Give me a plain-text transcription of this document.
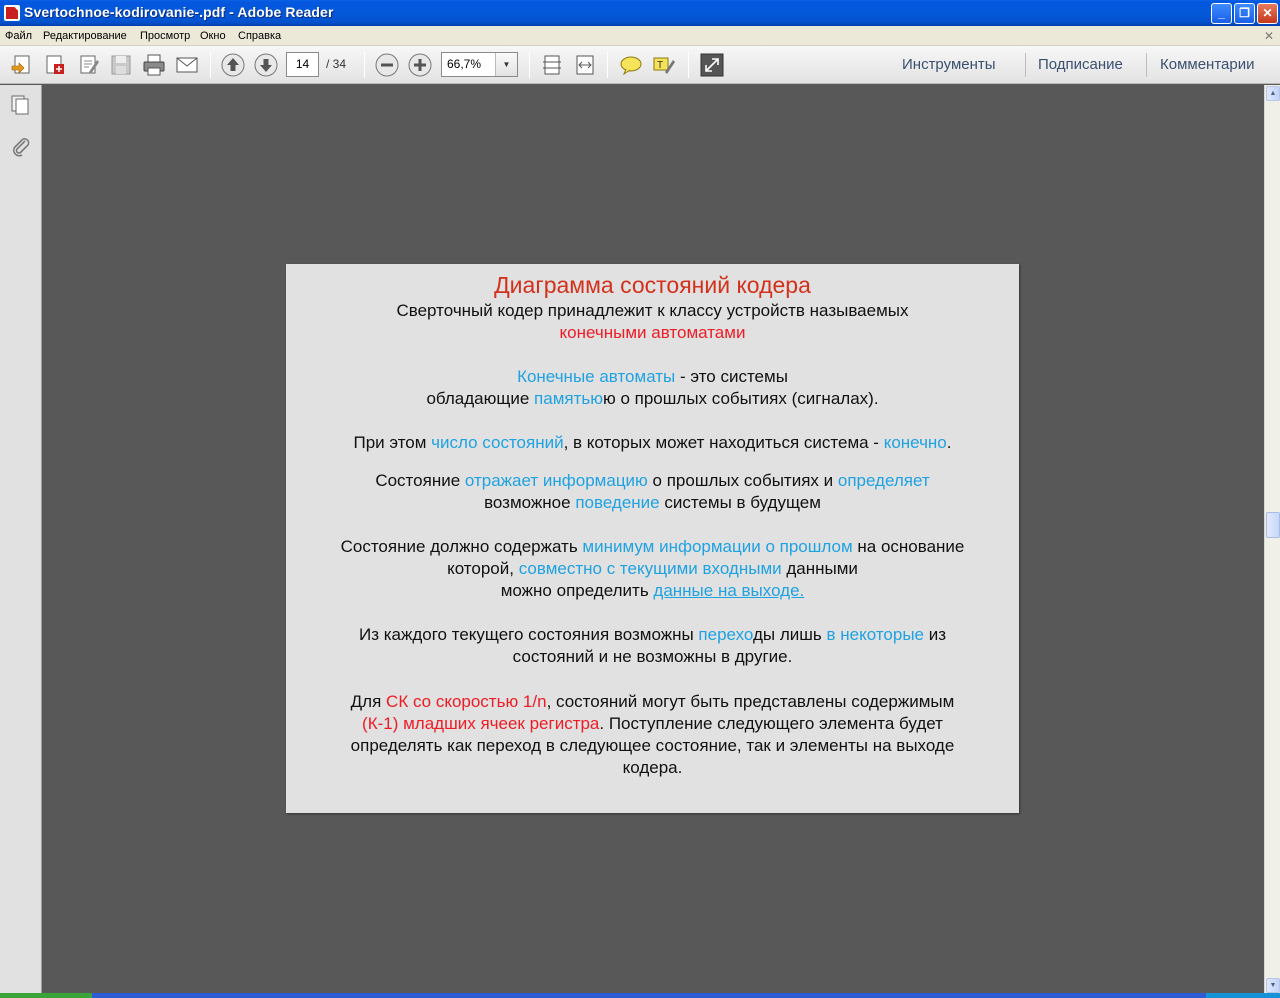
Svertochnoe-kodirovanie-.pdf - Adobe Reader	_	❐	✕
Файл Редактирование Просмотр Окно Справка	✕
14	/ 34	66,7%	▼	T	Инструменты	Подписание Комментарии
Диаграмма состояний кодера
Сверточный кодер принадлежит к классу устройств называемых
конечными автоматами
Конечные автоматы - это системы
обладающие памятьюю о прошлых событиях (сигналах).
При этом число состояний, в которых может находиться система - конечно.
Состояние отражает информацию о прошлых событиях и определяет
возможное поведение системы в будущем
Состояние должно содержать минимум информации о прошлом на основание
которой, совместно с текущими входными данными
можно определить данные на выходе.
Из каждого текущего состояния возможны переходы лишь в некоторые из
состояний и не возможны в другие.
Для СК со скоростью 1/n, состояний могут быть представлены содержимым
(К-1) младших ячеек регистра. Поступление следующего элемента будет
определять как переход в следующее состояние, так и элементы на выходе
кодера.
▲
▼
